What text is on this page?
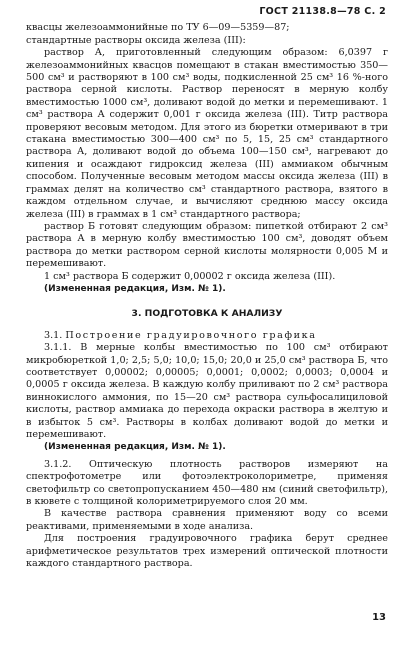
ГОСТ 21138.8—78 С. 2

квасцы железоаммонийные по ТУ 6—09—5359—87;

стандартные растворы оксида железа (III):

раствор А, приготовленный следующим образом: 6,0397 г железоаммонийных квасцов помещают в стакан вместимостью 350—500 см³ и растворяют в 100 см³ воды, подкисленной 25 см³ 16 %-ного раствора серной кислоты. Раствор переносят в мерную колбу вместимостью 1000 см³, доливают водой до метки и перемешивают. 1 см³ раствора А содержит 0,001 г оксида железа (III). Титр раствора проверяют весовым методом. Для этого из бюретки отмеривают в три стакана вместимостью 300—400 см³ по 5, 15, 25 см³ стандартного раствора А, доливают водой до объема 100—150 см³, нагревают до кипения и осаждают гидроксид железа (III) аммиаком обычным способом. Полученные весовым методом массы оксида железа (III) в граммах делят на количество см³ стандартного раствора, взятого в каждом отдельном случае, и вычисляют среднюю массу оксида железа (III) в граммах в 1 см³ стандартного раствора;

раствор Б готовят следующим образом: пипеткой отбирают 2 см³ раствора А в мерную колбу вместимостью 100 см³, доводят объем раствора до метки раствором серной кислоты молярности 0,005 М и перемешивают.

1 см³ раствора Б содержит 0,00002 г оксида железа (III).

(Измененная редакция, Изм. № 1).

3. ПОДГОТОВКА К АНАЛИЗУ

3.1. Построение градуировочного графика

3.1.1. В мерные колбы вместимостью по 100 см³ отбирают микробюреткой 1,0; 2,5; 5,0; 10,0; 15,0; 20,0 и 25,0 см³ раствора Б, что соответствует 0,00002; 0,00005; 0,0001; 0,0002; 0,0003; 0,0004 и 0,0005 г оксида железа. В каждую колбу приливают по 2 см³ раствора виннокислого аммония, по 15—20 см³ раствора сульфосалициловой кислоты, раствор аммиака до перехода окраски раствора в желтую и в избыток 5 см³. Растворы в колбах доливают водой до метки и перемешивают.

(Измененная редакция, Изм. № 1).

3.1.2. Оптическую плотность растворов измеряют на спектрофотометре или фотоэлектроколориметре, применяя светофильтр со светопропусканием 450—480 нм (синий светофильтр), в кювете с толщиной колориметрируемого слоя 20 мм.

В качестве раствора сравнения применяют воду со всеми реактивами, применяемыми в ходе анализа.

Для построения градуировочного графика берут среднее арифметическое результатов трех измерений оптической плотности каждого стандартного раствора.

13
